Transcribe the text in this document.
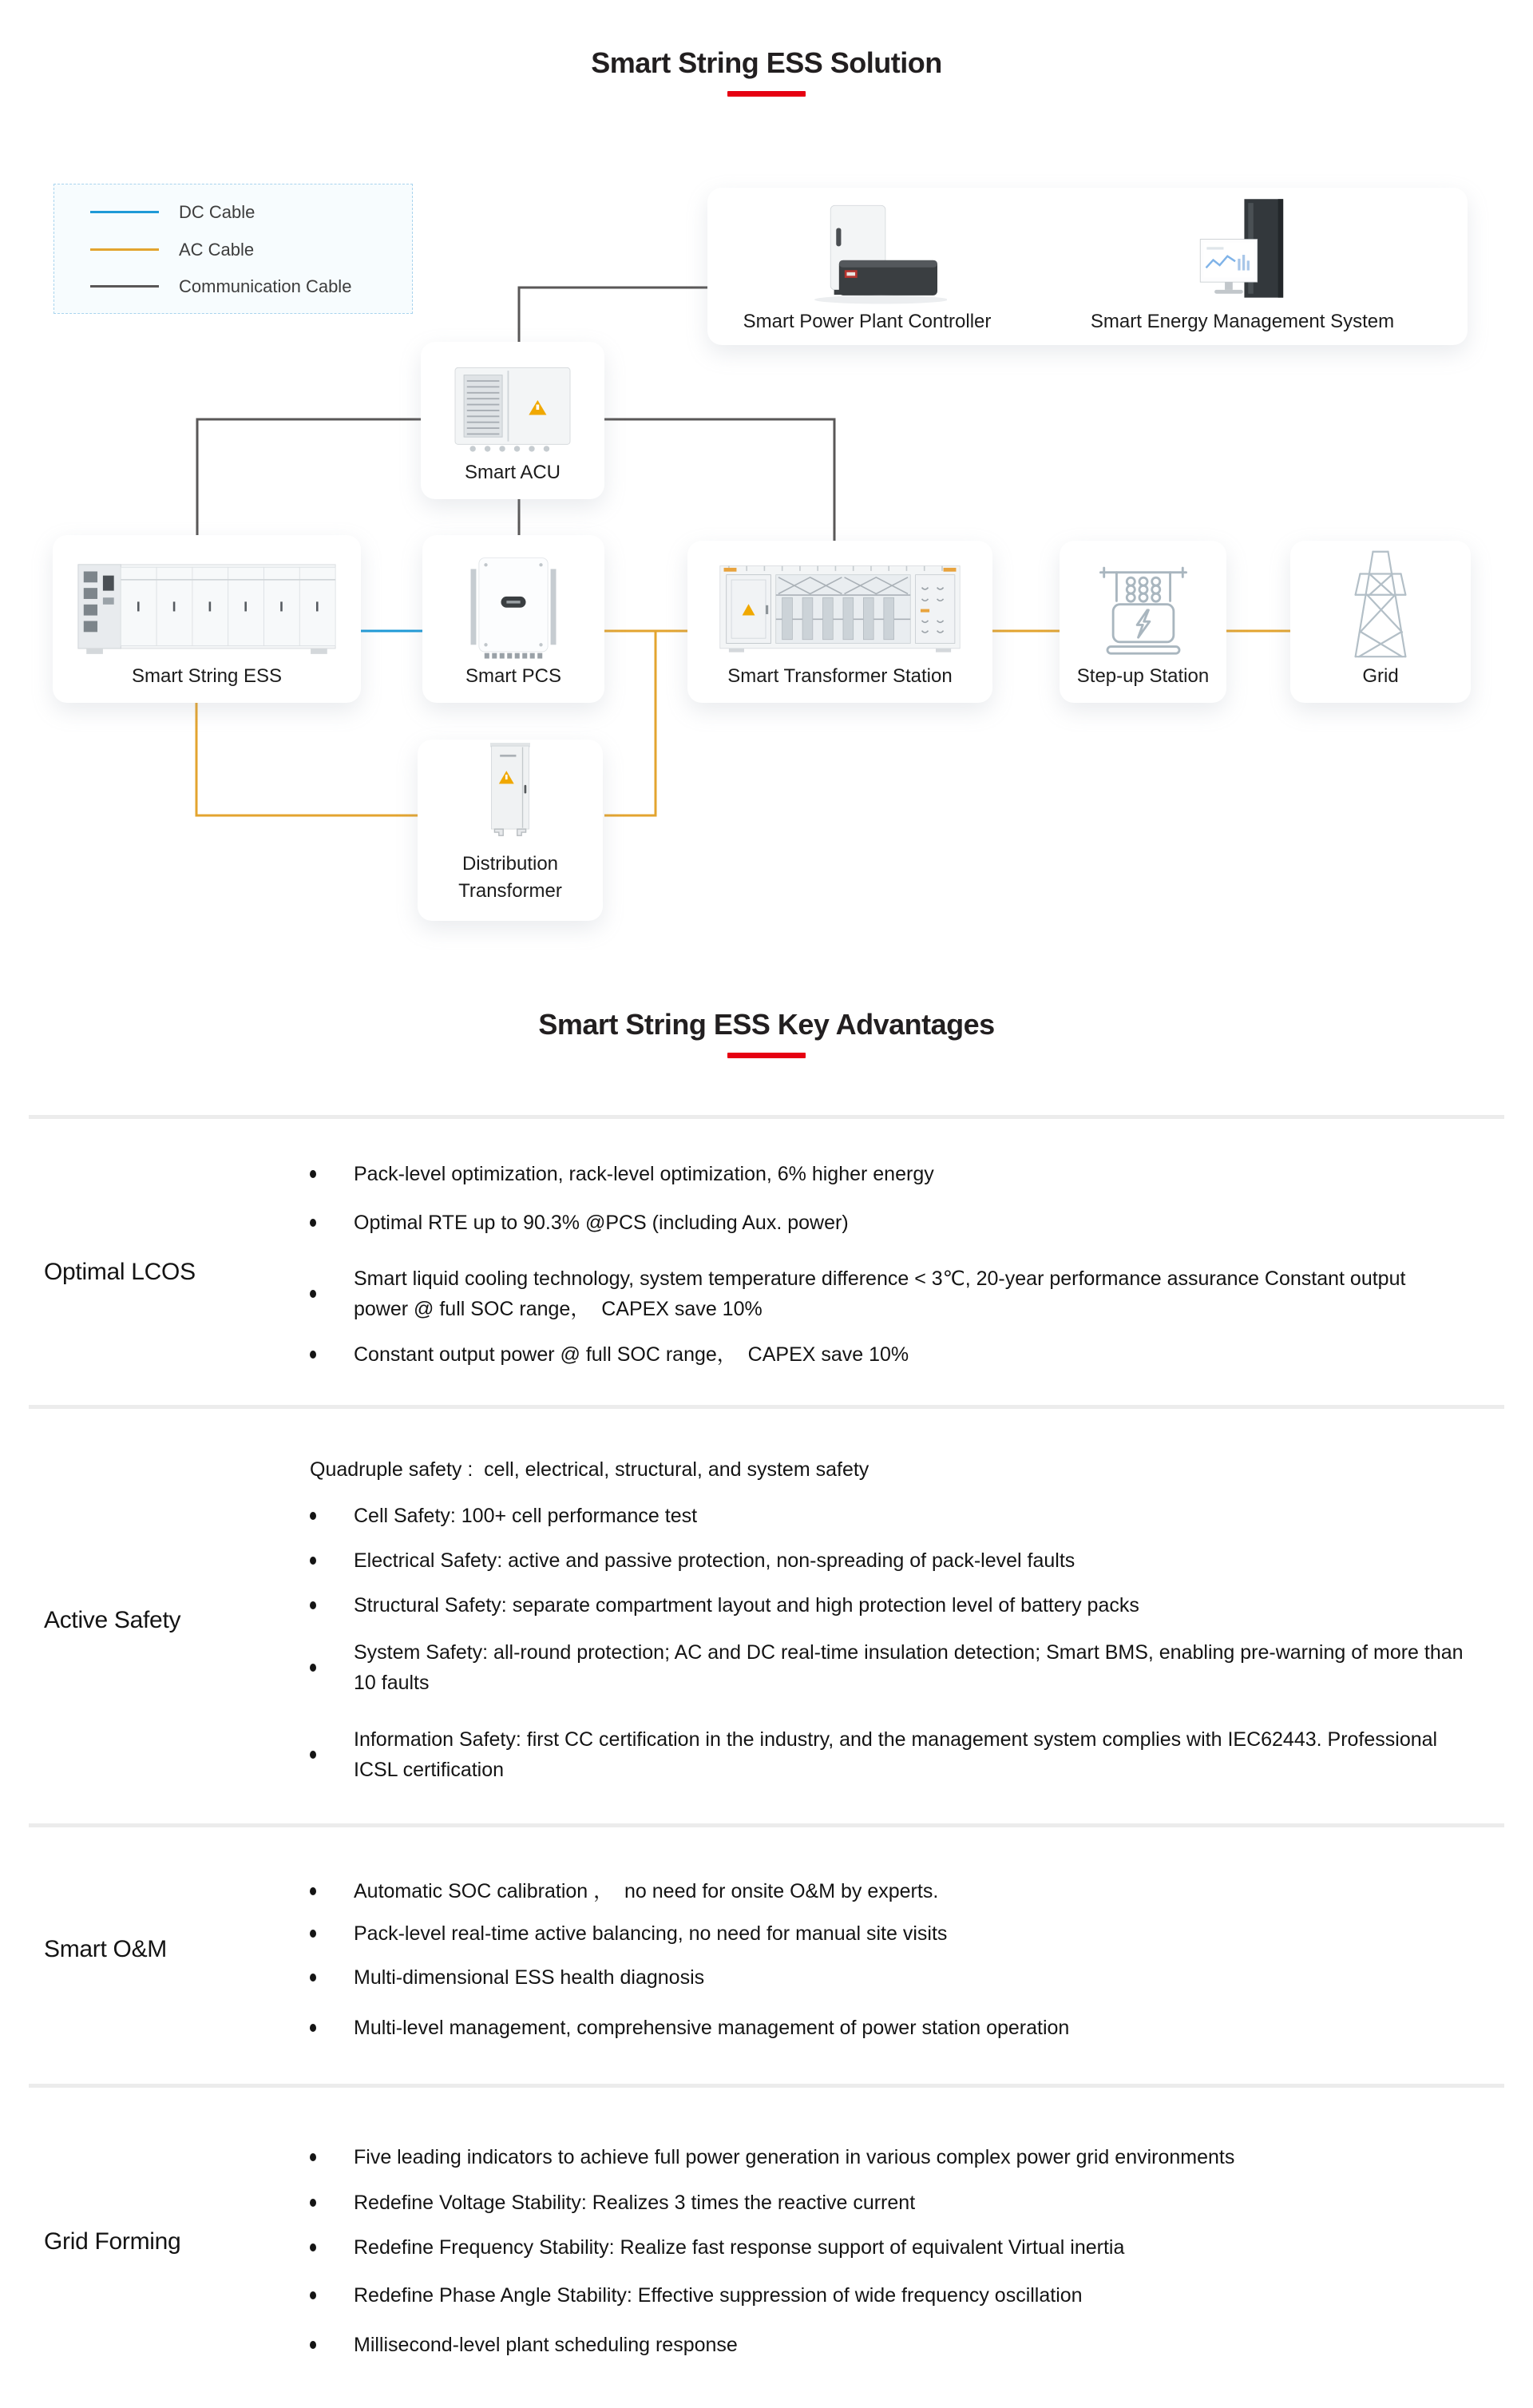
Smart String ESS Solution
DC Cable
AC Cable
Communication Cable
Smart Power Plant Controller	Smart Energy Management System
Smart ACU
Smart String ESS	Smart PCS	Smart Transformer Station	Step-up Station	Grid
Distribution Transformer
Smart String ESS Key Advantages
Optimal LCOS
Pack-level optimization, rack-level optimization, 6% higher energy
Optimal RTE up to 90.3% @PCS (including Aux. power)
Smart liquid cooling technology, system temperature difference < 3℃, 20-year performance assurance Constant output power @ full SOC range，  CAPEX save 10%
Constant output power @ full SOC range，  CAPEX save 10%
Active Safety
Quadruple safety :  cell, electrical, structural, and system safety
Cell Safety: 100+ cell performance test
Electrical Safety: active and passive protection, non-spreading of pack-level faults
Structural Safety: separate compartment layout and high protection level of battery packs
System Safety: all-round protection; AC and DC real-time insulation detection; Smart BMS, enabling pre-warning of more than 10 faults
Information Safety: first CC certification in the industry, and the management system complies with IEC62443. Professional ICSL certification
Smart O&M
Automatic SOC calibration ，  no need for onsite O&M by experts.
Pack-level real-time active balancing, no need for manual site visits
Multi-dimensional ESS health diagnosis
Multi-level management, comprehensive management of power station operation
Grid Forming
Five leading indicators to achieve full power generation in various complex power grid environments
Redefine Voltage Stability: Realizes 3 times the reactive current
Redefine Frequency Stability: Realize fast response support of equivalent Virtual inertia
Redefine Phase Angle Stability: Effective suppression of wide frequency oscillation
Millisecond-level plant scheduling response
